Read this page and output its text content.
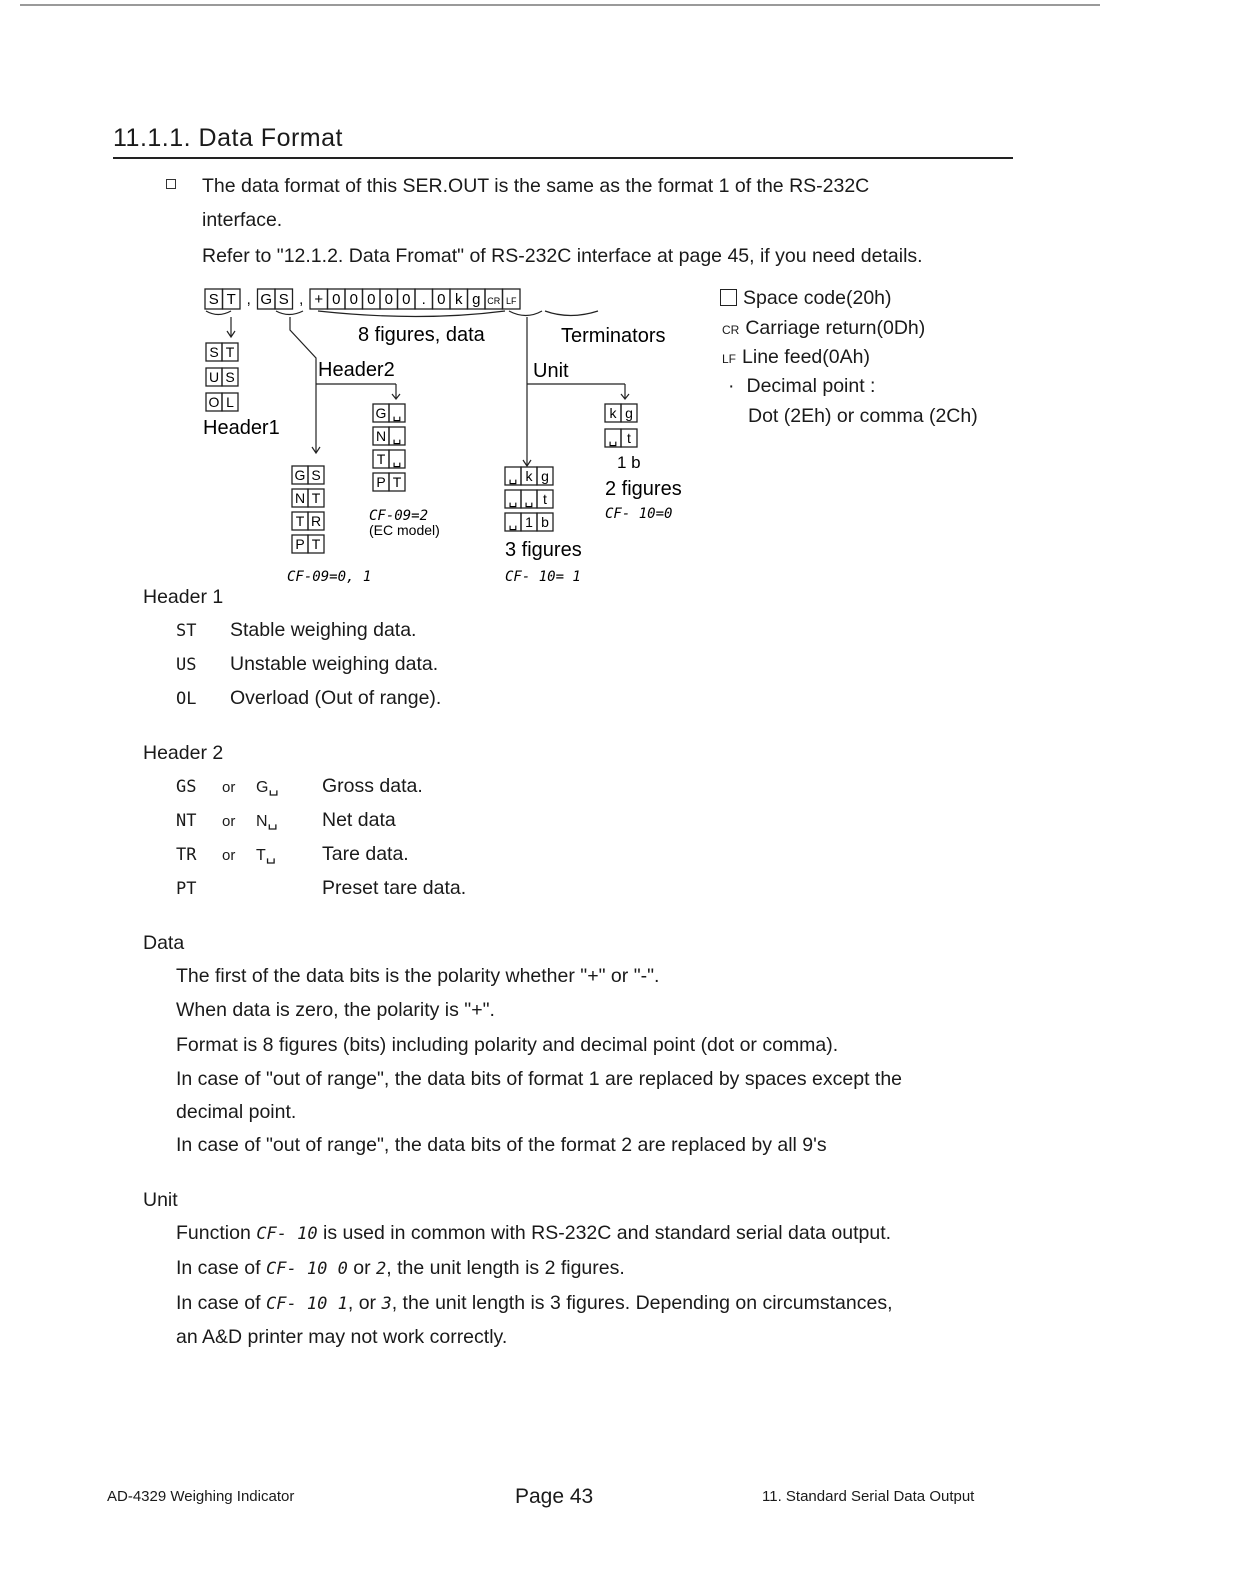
11.1.1. Data Format
The data format of this SER.OUT is the same as the format 1 of the RS-232C
interface.
Refer to "12.1.2. Data Fromat" of RS-232C interface at page 45, if you need details.
S T , G S , + 0 0 0 0 0 . 0 k g CR LF
S T
U S
O L
G S
N T
T R
P T
G ␣
N ␣
T ␣
P T	␣ k g
␣ ␣ t
␣ 1 b
k g
␣ t
1 b
8 figures, data	Terminators
Header2	Unit
Header1
CF-09=2
(EC model)
CF-09=0, 1
3 figures
CF- 10= 1
2 figures
CF- 10=0
Space code(20h)
CR Carriage return(0Dh)
LF Line feed(0Ah)
· Decimal point :
Dot (2Eh) or comma (2Ch)
Header 1
ST Stable weighing data.
US Unstable weighing data.
OL Overload (Out of range).
Header 2
GS or G␣ Gross data.
NT or N␣ Net data
TR or T␣ Tare data.
PT	Preset tare data.
Data
The first of the data bits is the polarity whether "+" or "-".
When data is zero, the polarity is "+".
Format is 8 figures (bits) including polarity and decimal point (dot or comma).
In case of "out of range", the data bits of format 1 are replaced by spaces except the
decimal point.
In case of "out of range", the data bits of the format 2 are replaced by all 9's
Unit
Function CF- 10 is used in common with RS-232C and standard serial data output.
In case of CF- 10 0 or 2, the unit length is 2 figures.
In case of CF- 10 1, or 3, the unit length is 3 figures. Depending on circumstances,
an A&D printer may not work correctly.
AD-4329 Weighing Indicator	Page 43	11. Standard Serial Data Output
